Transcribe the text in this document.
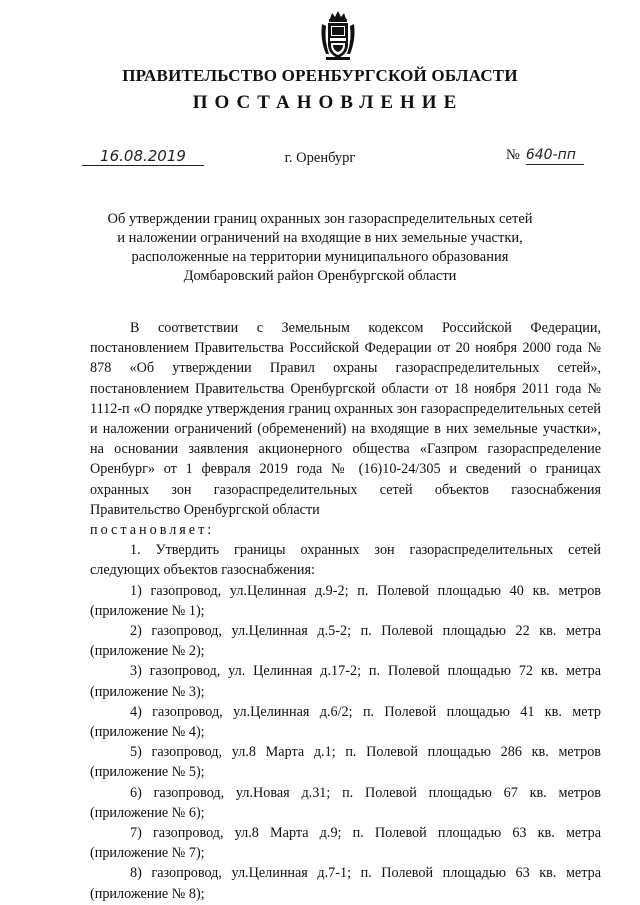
ПРАВИТЕЛЬСТВО ОРЕНБУРГСКОЙ ОБЛАСТИ
ПОСТАНОВЛЕНИЕ
16.08.2019	г. Оренбург	№ 640-пп
Об утверждении границ охранных зон газораспределительных сетей
и наложении ограничений на входящие в них земельные участки,
расположенные на территории муниципального образования
Домбаровский район Оренбургской области

В соответствии с Земельным кодексом Российской Федерации, постановлением Правительства Российской Федерации от 20 ноября 2000 года № 878 «Об утверждении Правил охраны газораспределительных сетей», постановлением Правительства Оренбургской области от 18 ноября 2011 года № 1112-п «О порядке утверждения границ охранных зон газораспределительных сетей и наложении ограничений (обременений) на входящие в них земельные участки», на основании заявления акционерного общества «Газпром газораспределение Оренбург» от 1 февраля 2019 года № (16)10-24/305 и сведений о границах охранных зон газораспределительных сетей объектов газоснабжения Правительство Оренбургской области

постановляет:

1. Утвердить границы охранных зон газораспределительных сетей следующих объектов газоснабжения:

1) газопровод, ул.Целинная д.9-2; п. Полевой площадью 40 кв. метров (приложение № 1);

2) газопровод, ул.Целинная д.5-2; п. Полевой площадью 22 кв. метра (приложение № 2);

3) газопровод, ул. Целинная д.17-2; п. Полевой площадью 72 кв. метра (приложение № 3);

4) газопровод, ул.Целинная д.6/2; п. Полевой площадью 41 кв. метр (приложение № 4);

5) газопровод, ул.8 Марта д.1; п. Полевой площадью 286 кв. метров (приложение № 5);

6) газопровод, ул.Новая д.31; п. Полевой площадью 67 кв. метров (приложение № 6);

7) газопровод, ул.8 Марта д.9; п. Полевой площадью 63 кв. метра (приложение № 7);

8) газопровод, ул.Целинная д.7-1; п. Полевой площадью 63 кв. метра (приложение № 8);
